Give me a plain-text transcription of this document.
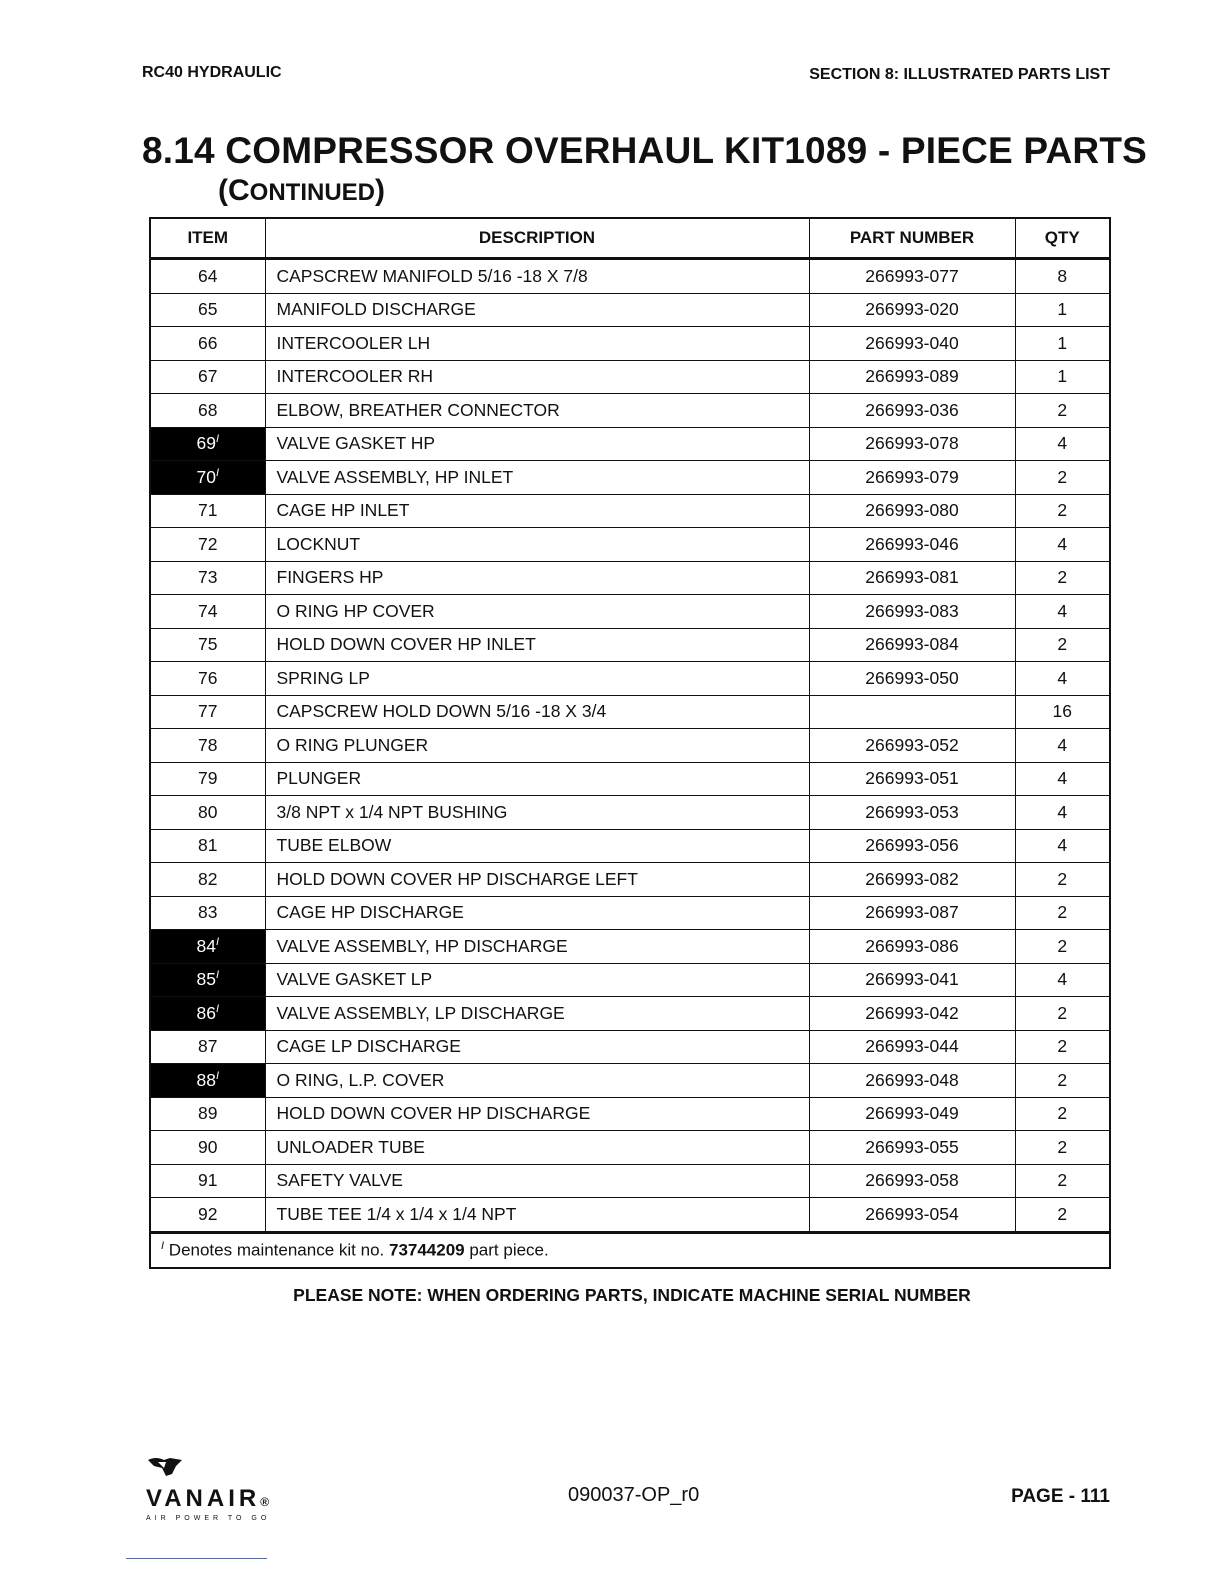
RC40 HYDRAULIC	SECTION 8: ILLUSTRATED PARTS LIST
8.14 COMPRESSOR OVERHAUL KIT1089 - PIECE PARTS
(CONTINUED)
ITEM	DESCRIPTION	PART NUMBER	QTY
64	CAPSCREW MANIFOLD 5/16 -18 X 7/8	266993-077	8
65	MANIFOLD DISCHARGE	266993-020	1
66	INTERCOOLER LH	266993-040	1
67	INTERCOOLER RH	266993-089	1
68	ELBOW, BREATHER CONNECTOR	266993-036	2
$69^I$	VALVE GASKET HP	266993-078	4
$70^I$	VALVE ASSEMBLY, HP INLET	266993-079	2
71	CAGE HP INLET	266993-080	2
72	LOCKNUT	266993-046	4
73	FINGERS HP	266993-081	2
74	O RING HP COVER	266993-083	4
75	HOLD DOWN COVER HP INLET	266993-084	2
76	SPRING LP	266993-050	4
77	CAPSCREW HOLD DOWN 5/16 -18 X 3/4		16
78	O RING PLUNGER	266993-052	4
79	PLUNGER	266993-051	4
80	3/8 NPT x 1/4 NPT BUSHING	266993-053	4
81	TUBE ELBOW	266993-056	4
82	HOLD DOWN COVER HP DISCHARGE LEFT	266993-082	2
83	CAGE HP DISCHARGE	266993-087	2
$84^I$	VALVE ASSEMBLY, HP DISCHARGE	266993-086	2
$85^I$	VALVE GASKET LP	266993-041	4
$86^I$	VALVE ASSEMBLY, LP DISCHARGE	266993-042	2
87	CAGE LP DISCHARGE	266993-044	2
$88^I$	O RING, L.P. COVER	266993-048	2
89	HOLD DOWN COVER HP DISCHARGE	266993-049	2
90	UNLOADER TUBE	266993-055	2
91	SAFETY VALVE	266993-058	2
92	TUBE TEE 1/4 x 1/4 x 1/4 NPT	266993-054	2
$^I$ Denotes maintenance kit no. 73744209 part piece.			
PLEASE NOTE: WHEN ORDERING PARTS, INDICATE MACHINE SERIAL NUMBER
VANAIR®
AIR POWER TO GO
090037-OP_r0	PAGE - 111
